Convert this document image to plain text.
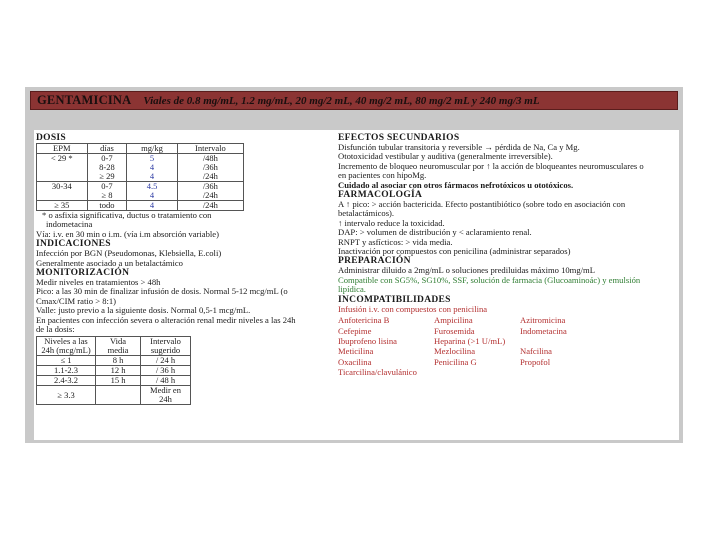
GENTAMICINA Viales de 0.8 mg/mL, 1.2 mg/mL, 20 mg/2 mL, 40 mg/2 mL, 80 mg/2 mL y 240 mg/3 mL
DOSIS
EPM	días	mg/kg	Intervalo
< 29 *	0-7	5	/48h
	8-28	4	/36h
	≥ 29	4	/24h
30-34	0-7	4.5	/36h
	≥ 8	4	/24h
≥ 35	todo	4	/24h
* o asfixia significativa, ductus o tratamiento con
indometacina
Vía: i.v. en 30 min o i.m. (vía i.m absorción variable)
INDICACIONES
Infección por BGN (Pseudomonas, Klebsiella, E.coli)
Generalmente asociado a un betalactámico
MONITORIZACIÓN
Medir niveles en tratamientos > 48h
Pico: a las 30 min de finalizar infusión de dosis. Normal 5-12 mcg/mL (o
Cmax/CIM ratio > 8:1)
Valle: justo previo a la siguiente dosis. Normal 0,5-1 mcg/mL.
En pacientes con infección severa o alteración renal medir niveles a las 24h
de la dosis:
Niveles a las 24h (mcg/mL)	Vida media	Intervalo sugerido
≤ 1	8 h	/ 24 h
1.1-2.3	12 h	/ 36 h
2.4-3.2	15 h	/ 48 h
≥ 3.3		Medir en 24h
EFECTOS SECUNDARIOS
Disfunción tubular transitoria y reversible → pérdida de Na, Ca y Mg.
Ototoxicidad vestibular y auditiva (generalmente irreversible).
Incremento de bloqueo neuromuscular por ↑ la acción de bloqueantes neuromusculares o
en pacientes con hipoMg.
Cuidado al asociar con otros fármacos nefrotóxicos u ototóxicos.
FARMACOLOGÍA
A ↑ pico: > acción bactericida. Efecto postantibiótico (sobre todo en asociación con
betalactámicos).
↑ intervalo reduce la toxicidad.
DAP: > volumen de distribución y < aclaramiento renal.
RNPT y asfícticos: > vida media.
Inactivación por compuestos con penicilina (administrar separados)
PREPARACIÓN
Administrar diluido a 2mg/mL o soluciones prediluidas máximo 10mg/mL
Compatible con SG5%, SG10%, SSF, solución de farmacia (Glucoaminoác) y emulsión
lipídica.
INCOMPATIBILIDADES
Infusión i.v. con compuestos con penicilina
Anfotericina B	Ampicilina	Azitromicina
Cefepime	Furosemida	Indometacina
Ibuprofeno lisina	Heparina (>1 U/mL)
Meticilina	Mezlocilina	Nafcilina
Oxacilina	Penicilina G	Propofol
Ticarcilina/clavulánico
